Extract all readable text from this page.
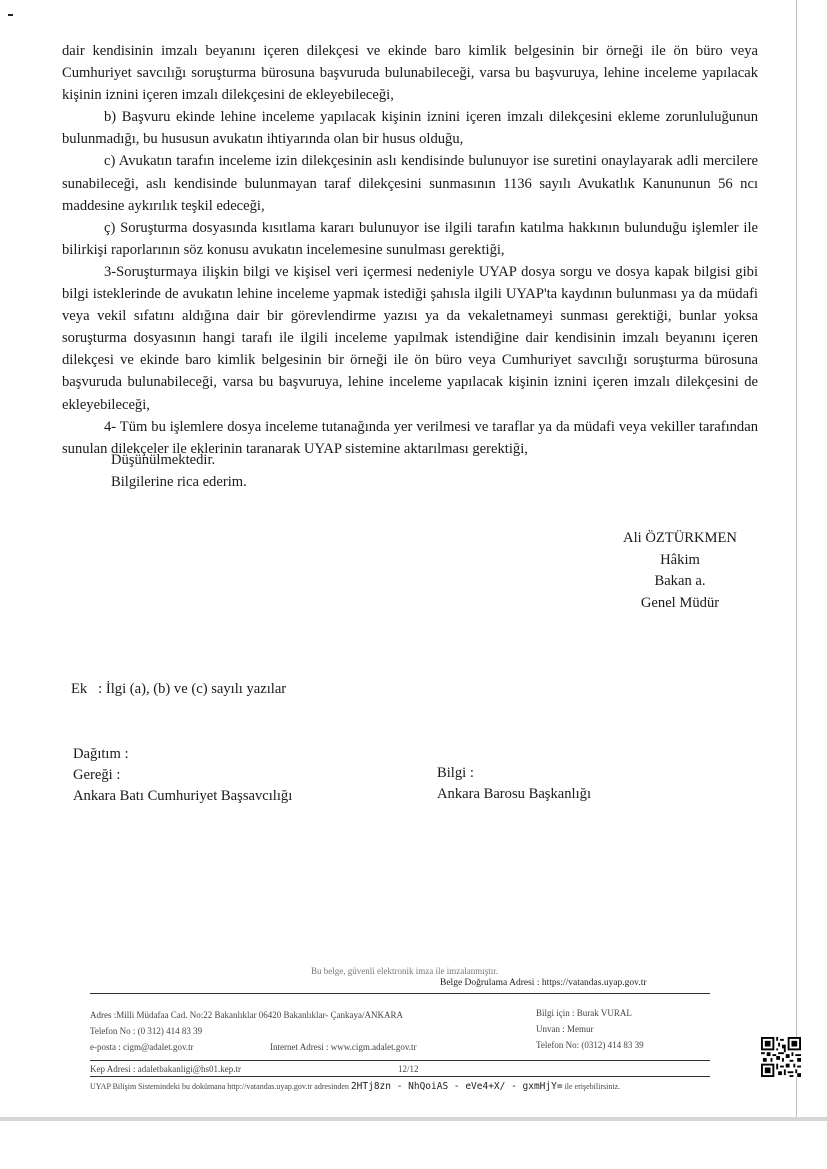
dair kendisinin imzalı beyanını içeren dilekçesi ve ekinde baro kimlik belgesinin bir örneği ile ön büro veya Cumhuriyet savcılığı soruşturma bürosuna başvuruda bulunabileceği, varsa bu başvuruya, lehine inceleme yapılacak kişinin iznini içeren imzalı dilekçesini de ekleyebileceği,

b) Başvuru ekinde lehine inceleme yapılacak kişinin iznini içeren imzalı dilekçesini ekleme zorunluluğunun bulunmadığı, bu hususun avukatın ihtiyarında olan bir husus olduğu,

c) Avukatın tarafın inceleme izin dilekçesinin aslı kendisinde bulunuyor ise suretini onaylayarak adli mercilere sunabileceği, aslı kendisinde bulunmayan taraf dilekçesini sunmasının 1136 sayılı Avukatlık Kanununun 56 ncı maddesine aykırılık teşkil edeceği,

ç) Soruşturma dosyasında kısıtlama kararı bulunuyor ise ilgili tarafın katılma hakkının bulunduğu işlemler ile bilirkişi raporlarının söz konusu avukatın incelemesine sunulması gerektiği,

3-Soruşturmaya ilişkin bilgi ve kişisel veri içermesi nedeniyle UYAP dosya sorgu ve dosya kapak bilgisi gibi bilgi isteklerinde de avukatın lehine inceleme yapmak istediği şahısla ilgili UYAP'ta kaydının bulunması ya da müdafi veya vekil sıfatını aldığına dair bir görevlendirme yazısı ya da vekaletnameyi sunması gerektiği, bunlar yoksa soruşturma dosyasının hangi tarafı ile ilgili inceleme yapılmak istendiğine dair kendisinin imzalı beyanını içeren dilekçesi ve ekinde baro kimlik belgesinin bir örneği ile ön büro veya Cumhuriyet savcılığı soruşturma bürosuna başvuruda bulunabileceği, varsa bu başvuruya, lehine inceleme yapılacak kişinin iznini içeren imzalı dilekçesini de ekleyebileceği,

4- Tüm bu işlemlere dosya inceleme tutanağında yer verilmesi ve taraflar ya da müdafi veya vekiller tarafından sunulan dilekçeler ile eklerinin taranarak UYAP sistemine aktarılması gerektiği,

Düşünülmektedir.
Bilgilerine rica ederim.
Ali ÖZTÜRKMEN
Hâkim
Bakan a.
Genel Müdür
Ek   : İlgi (a), (b) ve (c) sayılı yazılar
Dağıtım :
Gereği :
Ankara Batı Cumhuriyet Başsavcılığı
Bilgi :
Ankara Barosu Başkanlığı
Bu belge, güvenli elektronik imza ile imzalanmıştır.
Belge Doğrulama Adresi : https://vatandas.uyap.gov.tr
Adres :Milli Müdafaa Cad. No:22 Bakanlıklar 06420 Bakanlıklar- Çankaya/ANKARA
Telefon No : (0 312) 414 83 39
e-posta : cigm@adalet.gov.tr	Internet Adresi : www.cigm.adalet.gov.tr
Bilgi için : Burak VURAL
Unvan : Memur
Telefon No: (0312) 414 83 39
Kep Adresi : adaletbakanligi@hs01.kep.tr	12/12
UYAP Bilişim Sistemindeki bu dokümana http://vatandas.uyap.gov.tr adresinden 2HTj8zn - NhQoiAS - eVe4+X/ - gxmHjY= ile erişebilirsiniz.
